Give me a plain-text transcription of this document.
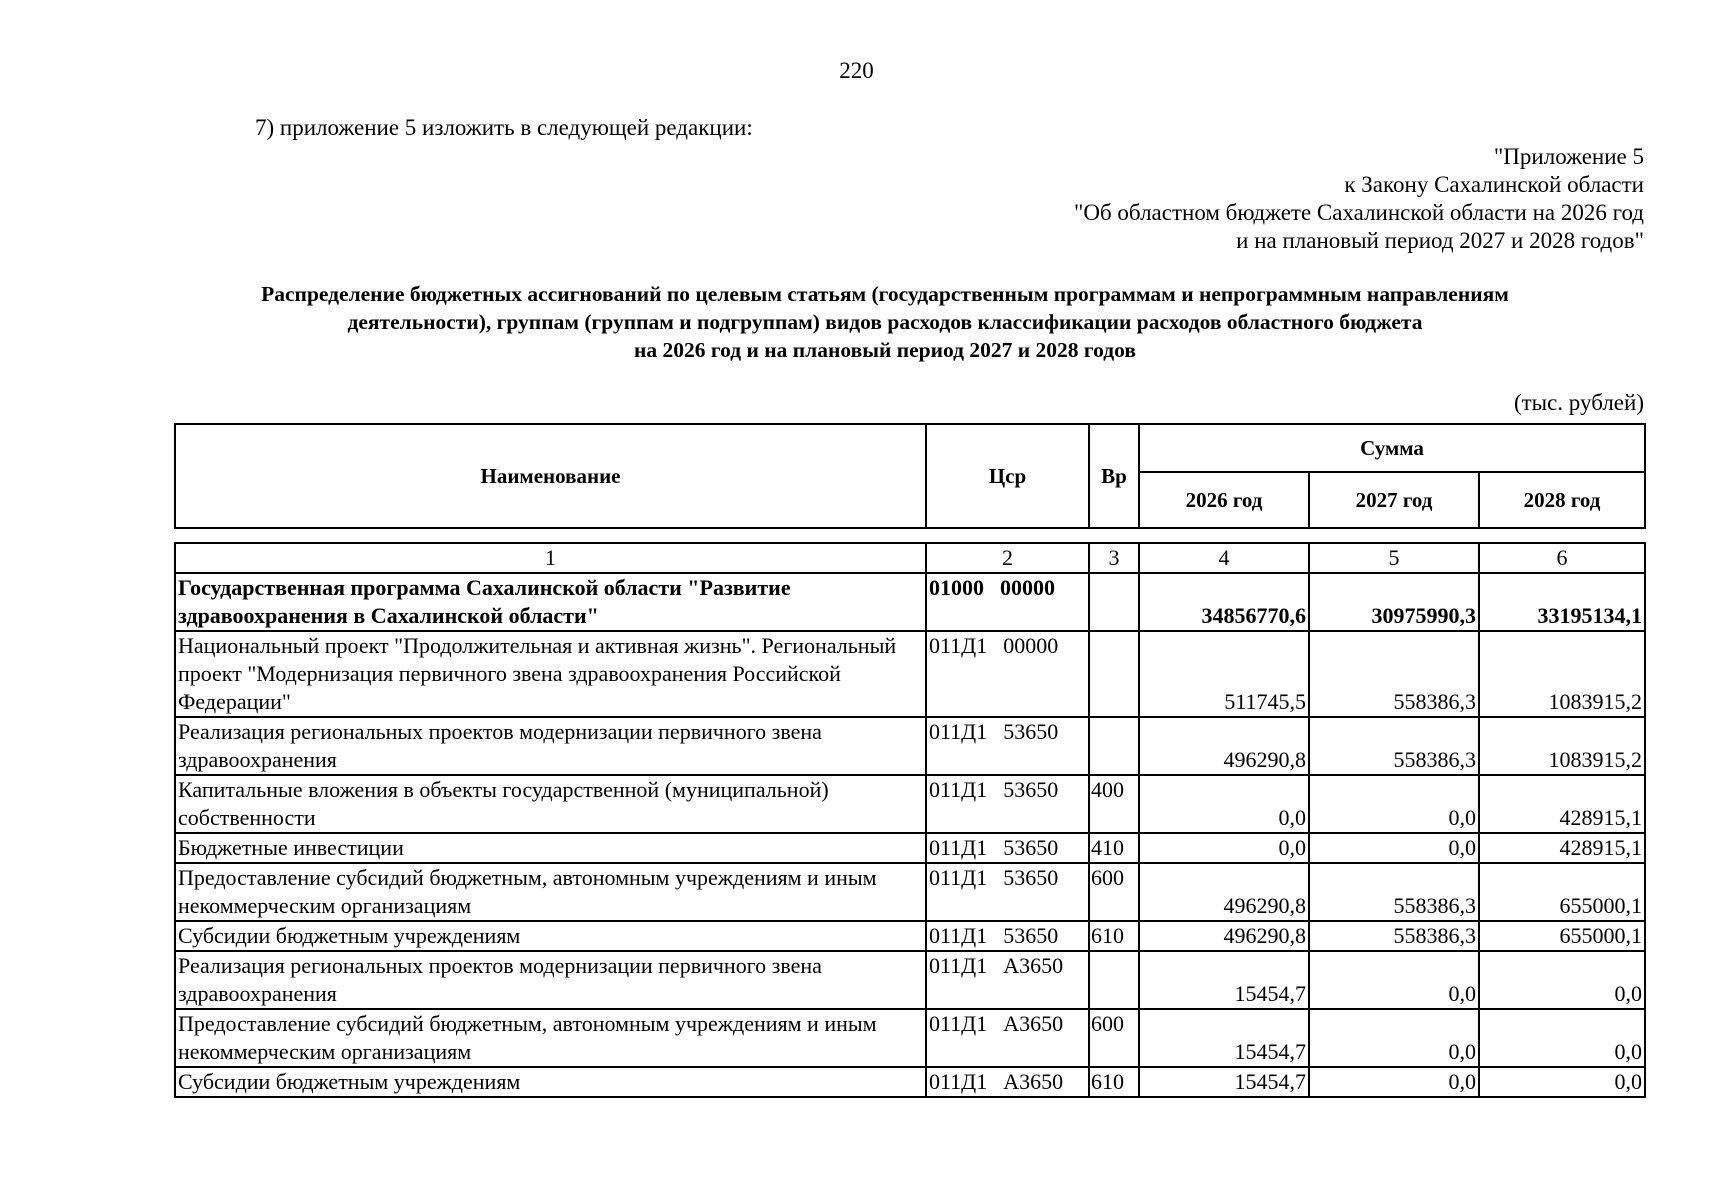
220
7) приложение 5 изложить в следующей редакции:
"Приложение 5
к Закону Сахалинской области
"Об областном бюджете Сахалинской области на 2026 год
и на плановый период 2027 и 2028 годов"
Распределение бюджетных ассигнований по целевым статьям (государственным программам и непрограммным направлениям
деятельности), группам (группам и подгруппам) видов расходов классификации расходов областного бюджета
на 2026 год и на плановый период 2027 и 2028 годов
(тыс. рублей)
Наименование	Цср	Вр	Сумма		
			2026 год	2027 год	2028 год
1	2	3	4	5	6
Государственная программа Сахалинской области "Развитие здравоохранения в Сахалинской области"	01000 00000		34856770,6	30975990,3	33195134,1
Национальный проект "Продолжительная и активная жизнь". Региональный проект "Модернизация первичного звена здравоохранения Российской Федерации"	011Д1 00000		511745,5	558386,3	1083915,2
Реализация региональных проектов модернизации первичного звена здравоохранения	011Д1 53650		496290,8	558386,3	1083915,2
Капитальные вложения в объекты государственной (муниципальной) собственности	011Д1 53650	400	0,0	0,0	428915,1
Бюджетные инвестиции	011Д1 53650	410	0,0	0,0	428915,1
Предоставление субсидий бюджетным, автономным учреждениям и иным некоммерческим организациям	011Д1 53650	600	496290,8	558386,3	655000,1
Субсидии бюджетным учреждениям	011Д1 53650	610	496290,8	558386,3	655000,1
Реализация региональных проектов модернизации первичного звена здравоохранения	011Д1 А3650		15454,7	0,0	0,0
Предоставление субсидий бюджетным, автономным учреждениям и иным некоммерческим организациям	011Д1 А3650	600	15454,7	0,0	0,0
Субсидии бюджетным учреждениям	011Д1 А3650	610	15454,7	0,0	0,0
